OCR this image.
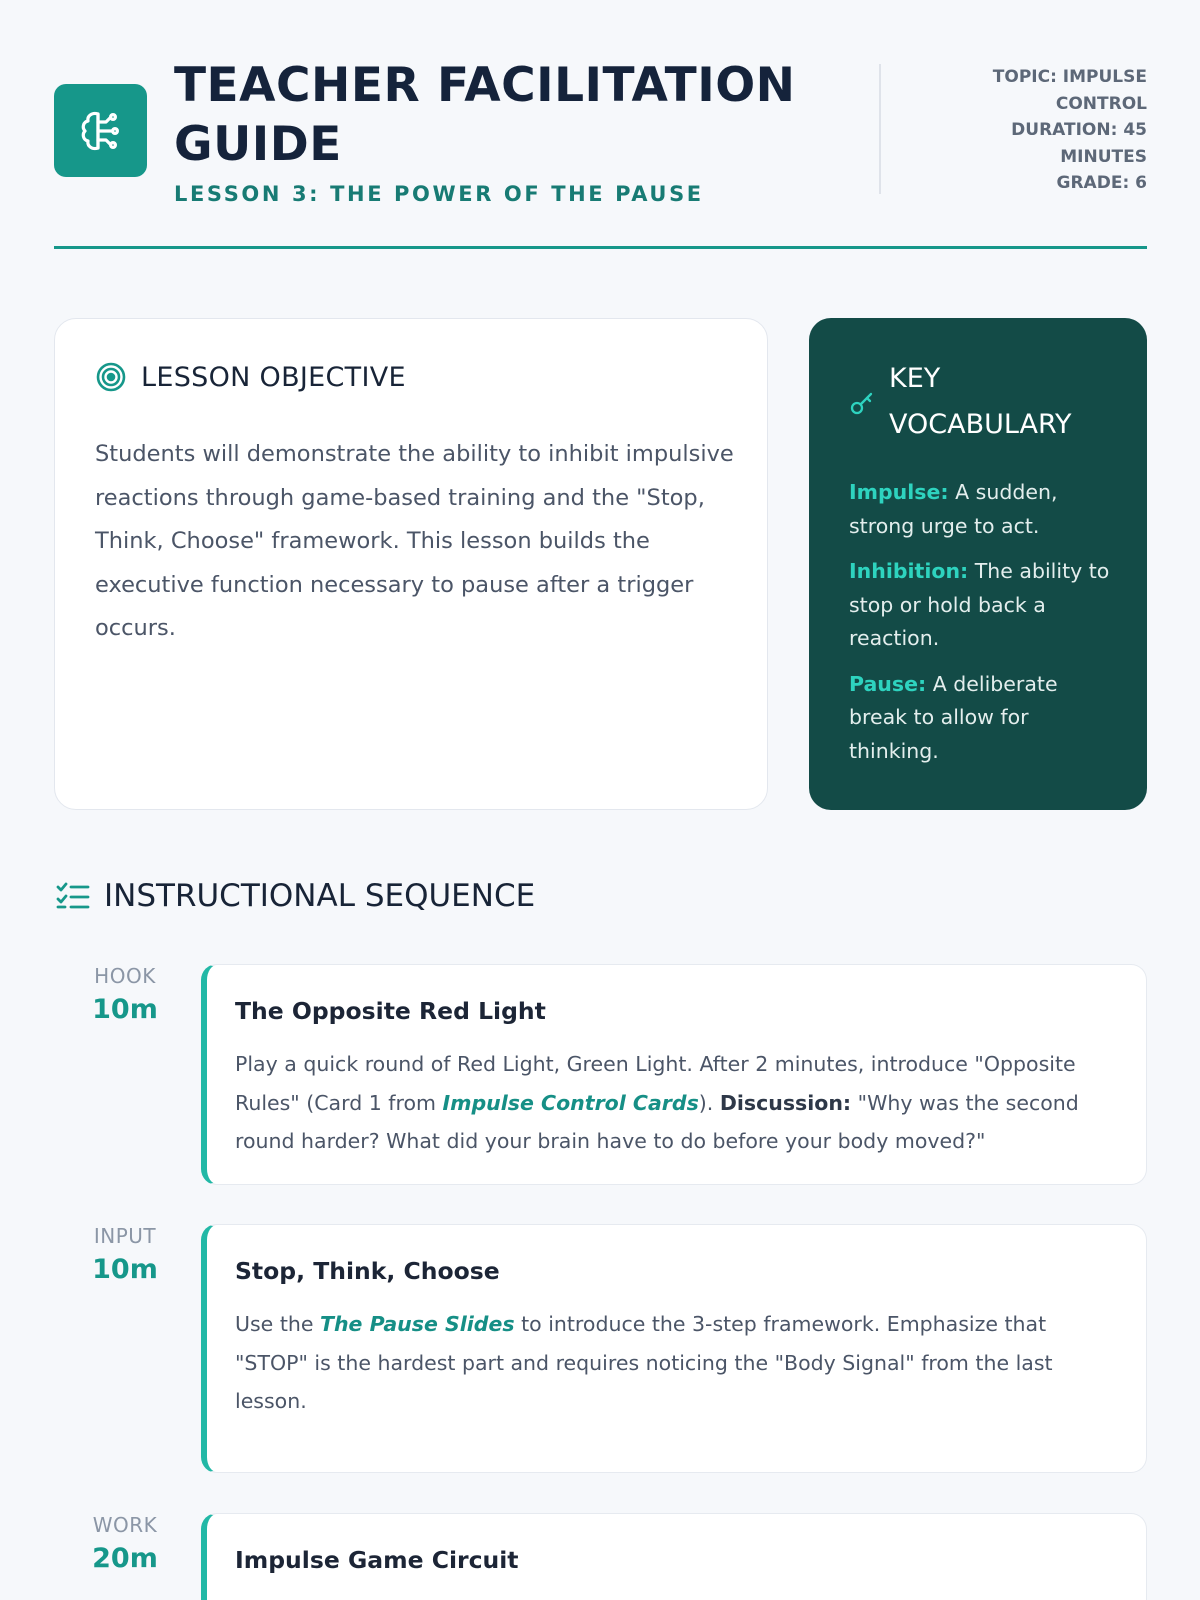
TEACHER FACILITATION GUIDE
LESSON 3: THE POWER OF THE PAUSE
TOPIC: IMPULSE CONTROL
DURATION: 45 MINUTES
GRADE: 6
LESSON OBJECTIVE

Students will demonstrate the ability to inhibit impulsive reactions through game-based training and the "Stop, Think, Choose" framework. This lesson builds the executive function necessary to pause after a trigger occurs.

KEY VOCABULARY

Impulse: A sudden, strong urge to act.

Inhibition: The ability to stop or hold back a reaction.

Pause: A deliberate break to allow for thinking.

INSTRUCTIONAL SEQUENCE
HOOK
10m	The Opposite Red Light

Play a quick round of Red Light, Green Light. After 2 minutes, introduce "Opposite Rules" (Card 1 from Impulse Control Cards). Discussion: "Why was the second round harder? What did your brain have to do before your body moved?"

INPUT
10m	Stop, Think, Choose

Use the The Pause Slides to introduce the 3-step framework. Emphasize that "STOP" is the hardest part and requires noticing the "Body Signal" from the last lesson.

WORK
20m	Impulse Game Circuit
